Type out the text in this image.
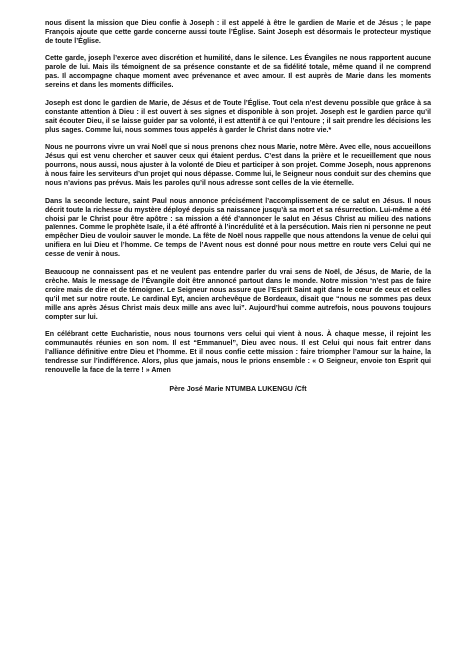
nous disent la mission que Dieu confie à Joseph : il est appelé à être le gardien de Marie et de Jésus ; le pape François ajoute que cette garde concerne aussi toute l’Église. Saint Joseph est désormais le protecteur mystique de toute l’Église.

Cette garde, joseph l’exerce avec discrétion et humilité, dans le silence. Les Évangiles ne nous rapportent aucune parole de lui. Mais ils témoignent de sa présence constante et de sa fidélité totale, même quand il ne comprend pas. Il accompagne chaque moment avec prévenance et avec amour. Il est auprès de Marie dans les moments sereins et dans les moments difficiles.

Joseph est donc le gardien de Marie, de Jésus et de Toute l’Église. Tout cela n’est devenu possible que grâce à sa constante attention à Dieu : il est ouvert à ses signes et disponible à son projet. Joseph est le gardien parce qu’il sait écouter Dieu, il se laisse guider par sa volonté, il est attentif à ce qui l’entoure ; il sait prendre les décisions les plus sages. Comme lui, nous sommes tous appelés à garder le Christ dans notre vie.*

Nous ne pourrons vivre un vrai Noël que si nous prenons chez nous Marie, notre Mère. Avec elle, nous accueillons Jésus qui est venu chercher et sauver ceux qui étaient perdus. C’est dans la prière et le recueillement que nous pourrons, nous aussi, nous ajuster à la volonté de Dieu et participer à son projet. Comme Joseph, nous apprenons à nous faire les serviteurs d’un projet qui nous dépasse. Comme lui, le Seigneur nous conduit sur des chemins que nous n’avions pas prévus. Mais les paroles qu’il nous adresse sont celles de la vie éternelle.

Dans la seconde lecture, saint Paul nous annonce précisément l’accomplissement de ce salut en Jésus. Il nous décrit toute la richesse du mystère déployé depuis sa naissance jusqu’à sa mort et sa résurrection. Lui-même a été choisi par le Christ pour être apôtre : sa mission a été d’annoncer le salut en Jésus Christ au milieu des nations païennes. Comme le prophète Isaïe, il a été affronté à l’incrédulité et à la persécution. Mais rien ni personne ne peut empêcher Dieu de vouloir sauver le monde. La fête de Noël nous rappelle que nous attendons la venue de celui qui unifiera en lui Dieu et l’homme. Ce temps de l’Avent nous est donné pour nous mettre en route vers Celui qui ne cesse de venir à nous.

Beaucoup ne connaissent pas et ne veulent pas entendre parler du vrai sens de Noël, de Jésus, de Marie, de la crèche. Mais le message de l’Évangile doit être annoncé partout dans le monde. Notre mission ‘n’est pas de faire croire mais de dire et de témoigner. Le Seigneur nous assure que l’Esprit Saint agit dans le cœur de ceux et celles qu’il met sur notre route. Le cardinal Eyt, ancien archevêque de Bordeaux, disait que “nous ne sommes pas deux mille ans après Jésus Christ mais deux mille ans avec lui”. Aujourd’hui comme autrefois, nous pouvons toujours compter sur lui.

En célébrant cette Eucharistie, nous nous tournons vers celui qui vient à nous. À chaque messe, il rejoint les communautés réunies en son nom. Il est “Emmanuel”, Dieu avec nous. Il est Celui qui nous fait entrer dans l’alliance définitive entre Dieu et l’homme. Et il nous confie cette mission : faire triompher l’amour sur la haine, la tendresse sur l’indifférence. Alors, plus que jamais, nous le prions ensemble : « O Seigneur, envoie ton Esprit qui renouvelle la face de la terre ! » Amen

Père José Marie NTUMBA LUKENGU /Cft
